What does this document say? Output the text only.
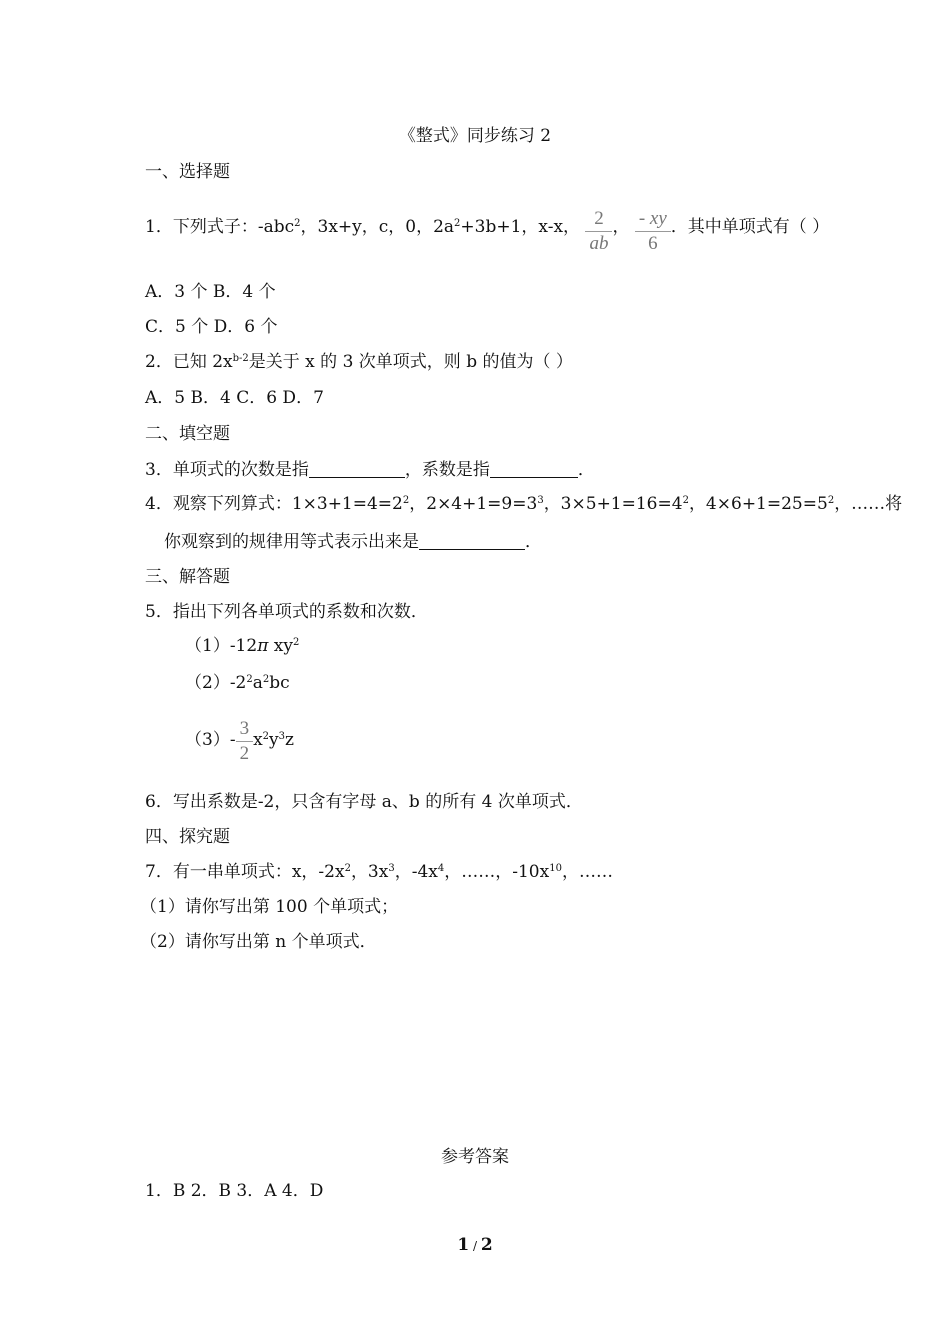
《整式》同步练习 2
一、选择题
1．下列式子：-abc$^2$，3x+y，c，0，$2a^2+3b+1$，x-x， $\frac{2}{ab}$ ， $\frac{- xy}{6}$ ．其中单项式有（ ）
A．3 个 B．4 个
C．5 个 D．6 个
2．已知 $2x^{b-2}$是关于 x 的 3 次单项式，则 b 的值为（ ）
A．5 B．4 C．6 D．7
二、填空题
3．单项式的次数是指	，系数是指	．
4．观察下列算式：$1\times 3+1=4=2^2$，$2\times 4+1=9=3^3$，$3\times 5+1=16=4^2$，$4\times 6+1=25=5^2$，……将
你观察到的规律用等式表示出来是	．
三、解答题
5．指出下列各单项式的系数和次数．
（1）-12π $xy^2$
$(2)-2^2a^2bc$
$(3)- \frac{3}{2} x^2y^3z$
6．写出系数是-2，只含有字母 a、b 的所有 4 次单项式．
四、探究题
7．有一串单项式：x，$-2x^2$，$3x^3$，$-4x^4$，……，$-10x^{10}$，……
（1）请你写出第 100 个单项式；
（2）请你写出第 n 个单项式．
参考答案
1．B 2．B 3．A 4．D
1 / 2
